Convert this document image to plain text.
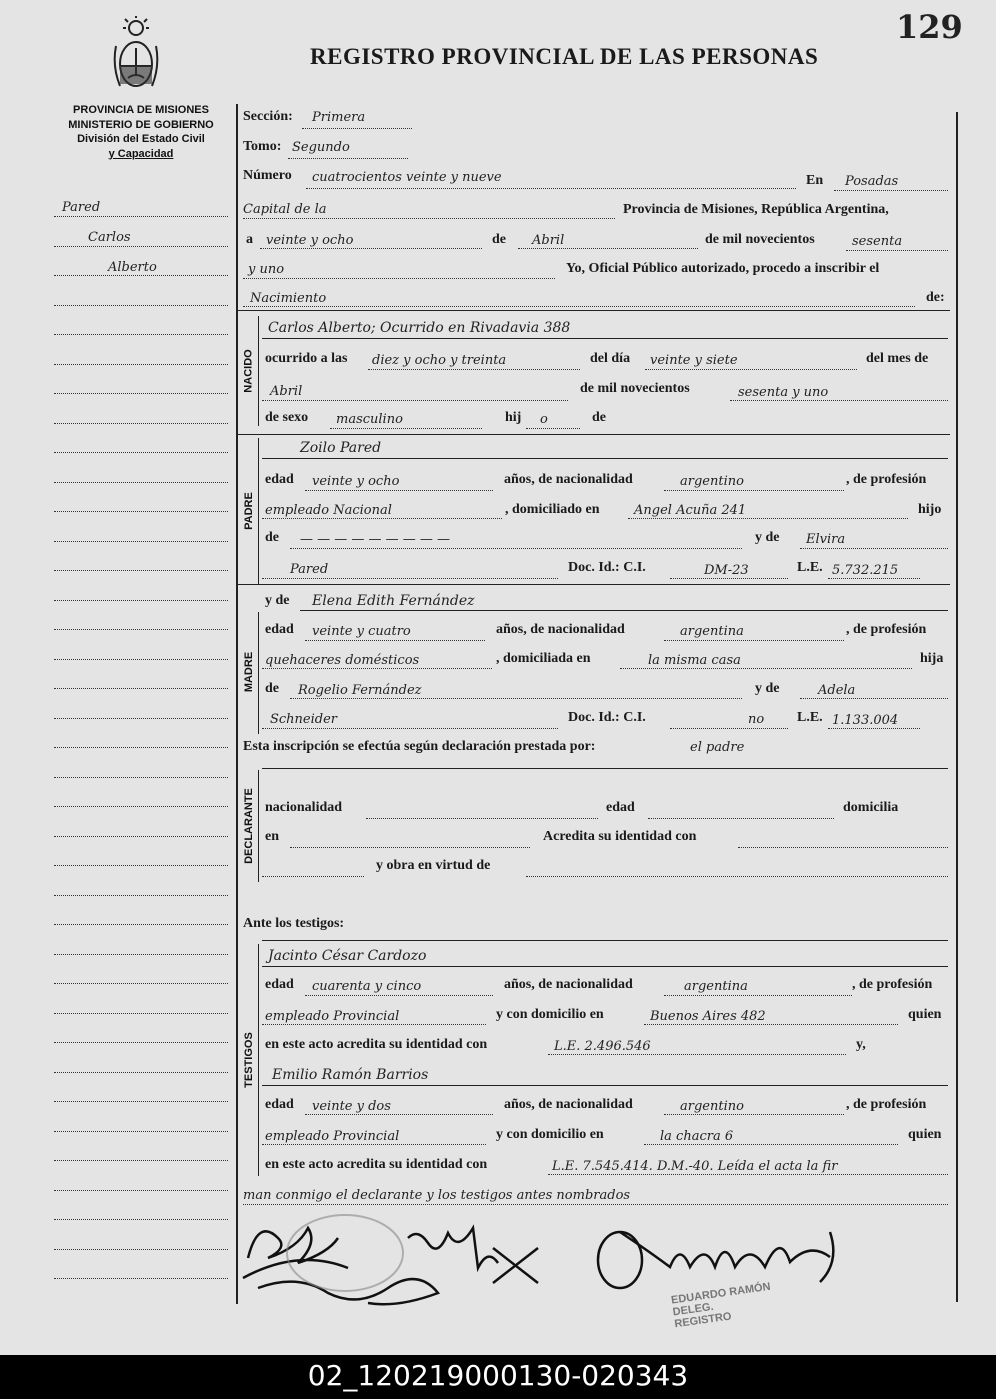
129
REGISTRO PROVINCIAL DE LAS PERSONAS
PROVINCIA DE MISIONES
MINISTERIO DE GOBIERNO
División del Estado Civil
y Capacidad
Pared
Carlos
Alberto
Sección: Primera
Tomo: Segundo
Número cuatrocientos veinte y nueve	En Posadas
Capital de la	Provincia de Misiones, República Argentina,
a veinte y ocho	de Abril	de mil novecientos	sesenta
y uno	Yo, Oficial Público autorizado, procedo a inscribir el
Nacimiento	de:
NACIDO
Carlos Alberto; Ocurrido en Rivadavia 388
ocurrido a las diez y ocho y treinta	del día veinte y siete	del mes de
Abril	de mil novecientos	sesenta y uno
de sexo masculino	hij o	de
PADRE
Zoilo Pared
edad veinte y ocho	años, de nacionalidad	argentino	, de profesión
empleado Nacional	, domiciliado en	Angel Acuña 241	hijo
de — — — — — — — — —	y de Elvira
Pared	Doc. Id.: C.I.	DM-23	L.E. 5.732.215
MADRE
y de Elena Edith Fernández
edad veinte y cuatro	años, de nacionalidad	argentina	, de profesión
quehaceres domésticos	, domiciliada en	la misma casa	hija
de Rogelio Fernández	y de	Adela
Schneider	Doc. Id.: C.I.	no L.E. 1.133.004
Esta inscripción se efectúa según declaración prestada por:	el padre
DECLARANTE nacionalidad	edad	domicilia
en	Acredita su identidad con
y obra en virtud de
Ante los testigos:
TESTIGOS
Jacinto César Cardozo
edad cuarenta y cinco	años, de nacionalidad	argentina	, de profesión
empleado Provincial	y con domicilio en	Buenos Aires 482	quien
en este acto acredita su identidad con	L.E. 2.496.546	y,
Emilio Ramón Barrios
edad veinte y dos	años, de nacionalidad	argentino	, de profesión
empleado Provincial	y con domicilio en	la chacra 6	quien
en este acto acredita su identidad con	L.E. 7.545.414. D.M.-40. Leída el acta la fir
man conmigo el declarante y los testigos antes nombrados
EDUARDO RAMÓN
DELEG.
REGISTRO
02_120219000130-020343
